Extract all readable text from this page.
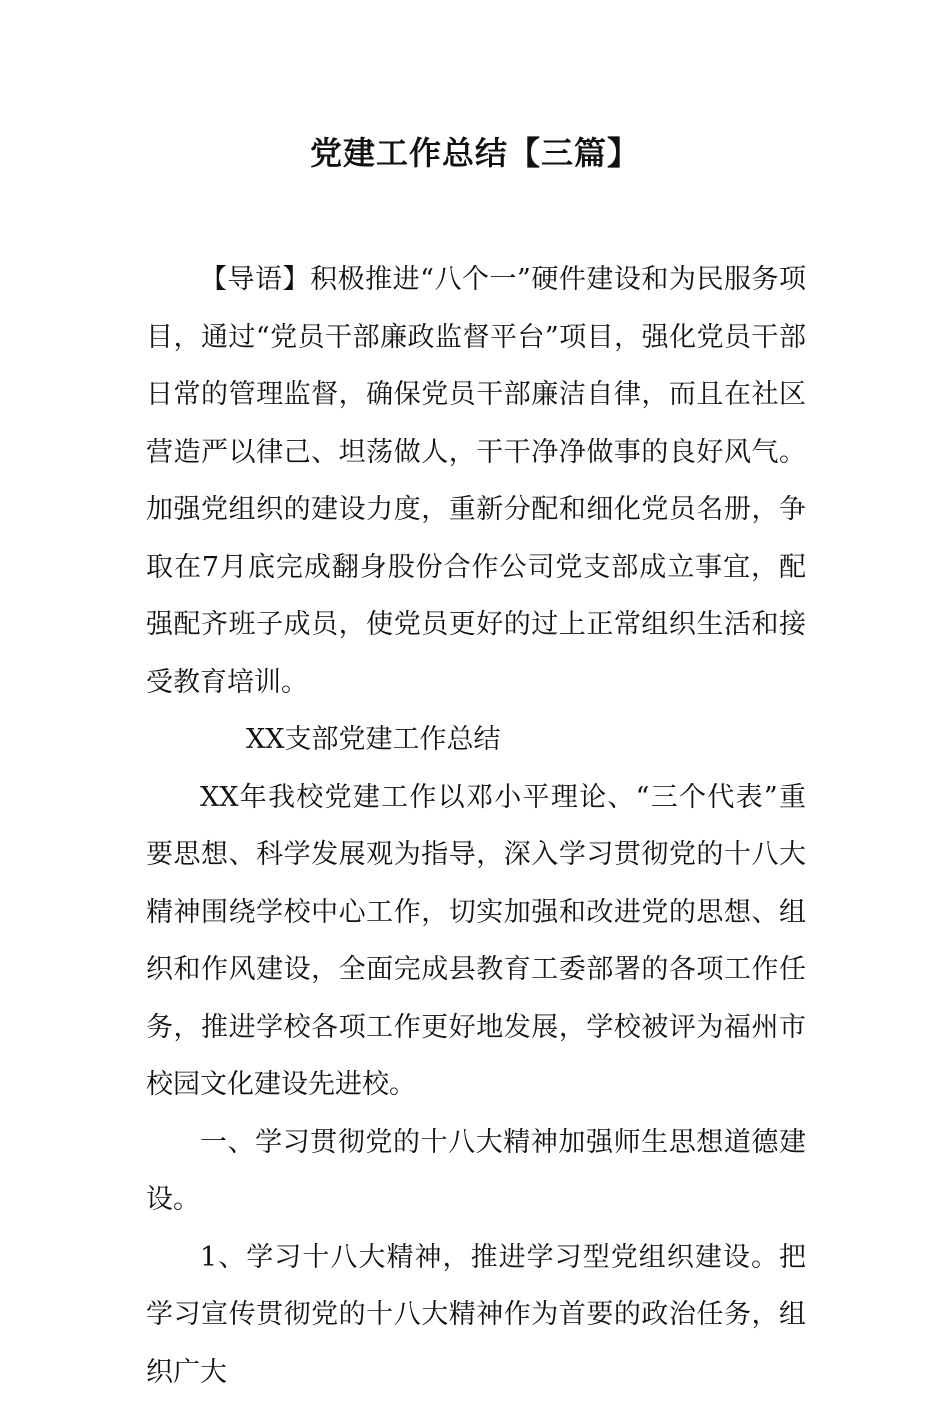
党建工作总结【三篇】

【导语】积极推进“八个一”硬件建设和为民服务项目，通过“党员干部廉政监督平台”项目，强化党员干部日常的管理监督，确保党员干部廉洁自律，而且在社区营造严以律己、坦荡做人，干干净净做事的良好风气。加强党组织的建设力度，重新分配和细化党员名册，争取在7月底完成翻身股份合作公司党支部成立事宜，配强配齐班子成员，使党员更好的过上正常组织生活和接受教育培训。

XX支部党建工作总结

XX年我校党建工作以邓小平理论、“三个代表”重要思想、科学发展观为指导，深入学习贯彻党的十八大精神围绕学校中心工作，切实加强和改进党的思想、组织和作风建设，全面完成县教育工委部署的各项工作任务，推进学校各项工作更好地发展，学校被评为福州市校园文化建设先进校。

一、学习贯彻党的十八大精神加强师生思想道德建设。

1、学习十八大精神，推进学习型党组织建设。把学习宣传贯彻党的十八大精神作为首要的政治任务，组织广大
